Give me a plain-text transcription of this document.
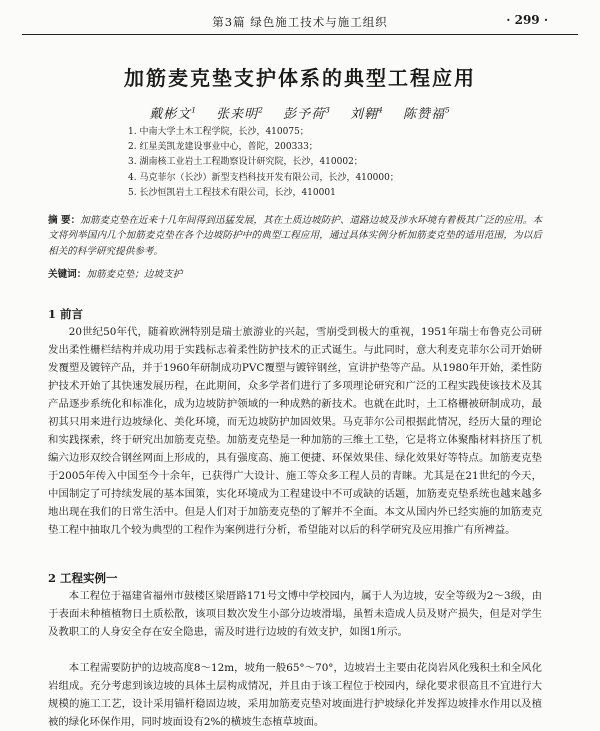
第3篇 绿色施工技术与施工组织	· 299 ·
加筋麦克垫支护体系的典型工程应用
戴彬文$^1$ 张来明$^2$ 彭予荷$^3$ 刘翱$^4$ 陈赞福$^5$
1. 中南大学土木工程学院，长沙，410075；
2. 红星美凯龙建设事业中心，普陀，200333；
3. 湖南核工业岩土工程勘察设计研究院，长沙，410002；
4. 马克菲尔（长沙）新型支档科技开发有限公司，长沙，410000；
5. 长沙恒凯岩土工程技术有限公司，长沙，410001
摘 要：加筋麦克垫在近来十几年间得到迅猛发展，其在土质边坡防护、道路边坡及涉水环境有着极其广泛的应用。本文将列举国内几个加筋麦克垫在各个边坡防护中的典型工程应用，通过具体实例分析加筋麦克垫的适用范围，为以后相关的科学研究提供参考。
关键词：加筋麦克垫；边坡支护
1 前言
20世纪50年代，随着欧洲特别是瑞士旅游业的兴起，雪崩受到极大的重视，1951年瑞士布鲁克公司研发出柔性栅栏结构并成功用于实践标志着柔性防护技术的正式诞生。与此同时，意大利麦克菲尔公司开始研发覆塑及镀锌产品，并于1960年研制成功PVC覆塑与镀锌钢丝，宣讲护垫等产品。从1980年开始，柔性防护技术开始了其快速发展历程，在此期间，众多学者们进行了多项理论研究和广泛的工程实践使该技术及其产品逐步系统化和标准化，成为边坡防护领域的一种成熟的新技术。也就在此时，土工格栅被研制成功，最初其只用来进行边坡绿化、美化环境，而无边坡防护加固效果。马克菲尔公司根据此情况，经历大量的理论和实践探索，终于研究出加筋麦克垫。加筋麦克垫是一种加筋的三维土工垫，它是将立体聚酯材料挤压了机编六边形双绞合钢丝网面上形成的，具有强度高、施工便捷、环保效果佳、绿化效果好等特点。加筋麦克垫于2005年传入中国至今十余年，已获得广大设计、施工等众多工程人员的青睐。尤其是在21世纪的今天，中国制定了可持续发展的基本国策，实化环境成为工程建设中不可或缺的话题，加筋麦克垫系统也越来越多地出现在我们的日常生活中。但是人们对于加筋麦克垫的了解并不全面。本文从国内外已经实施的加筋麦克垫工程中抽取几个较为典型的工程作为案例进行分析，希望能对以后的科学研究及应用推广有所裨益。
2 工程实例一
本工程位于福建省福州市鼓楼区梁厝路171号文博中学校园内，属于人为边坡，安全等级为2～3级，由于表面未种植植物日土质松散，该项目数次发生小部分边坡滑塌，虽暂未造成人员及财产损失，但是对学生及教职工的人身安全存在安全隐患，需及时进行边坡的有效支护，如图1所示。
本工程需要防护的边坡高度8～12m，坡角一般65°～70°，边坡岩土主要由花岗岩风化残积土和全风化岩组成。充分考虑到该边坡的具体土层构成情况，并且由于该工程位于校园内，绿化要求很高且不宜进行大规模的施工工艺，设计采用锚杆稳固边坡，采用加筋麦克垫对坡面进行护坡绿化并发挥边坡排水作用以及植被的绿化环保作用，同时坡面设有2%的横坡生态植草坡面。
